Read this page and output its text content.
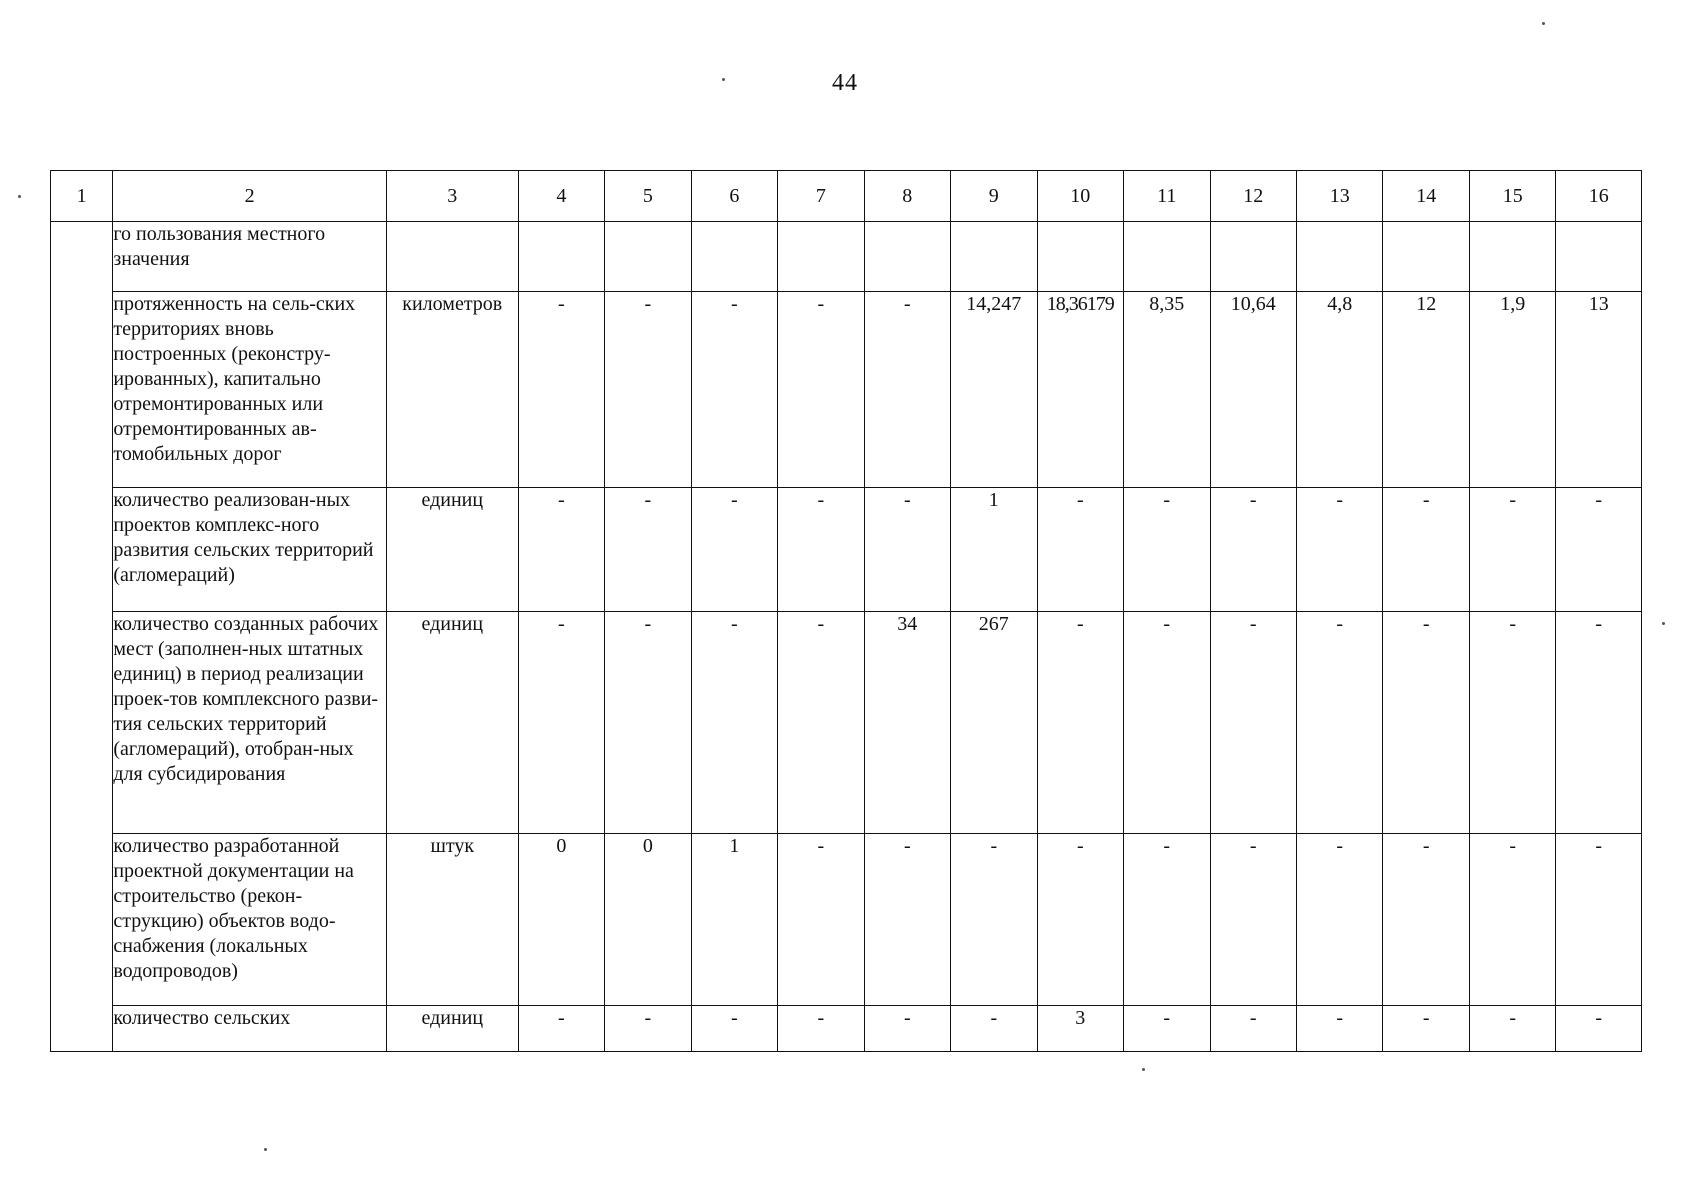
44
1	2	3	4	5	6	7	8	9	10	11	12	13	14	15	16
	го пользования местного значения														
	протяженность на сель-ских территориях вновь построенных (реконстру-ированных), капитально отремонтированных или отремонтированных ав-томобильных дорог	километров	-	-	-	-	-	14,247	18,36179	8,35	10,64	4,8	12	1,9	13
	количество реализован-ных проектов комплекс-ного развития сельских территорий (агломераций)	единиц	-	-	-	-	-	1	-	-	-	-	-	-	-
	количество созданных рабочих мест (заполнен-ных штатных единиц) в период реализации проек-тов комплексного разви-тия сельских территорий (агломераций), отобран-ных для субсидирования	единиц	-	-	-	-	34	267	-	-	-	-	-	-	-
	количество разработанной проектной документации на строительство (рекон-струкцию) объектов водо-снабжения (локальных водопроводов)	штук	0	0	1	-	-	-	-	-	-	-	-	-	-
	количество сельских	единиц	-	-	-	-	-	-	3	-	-	-	-	-	-
